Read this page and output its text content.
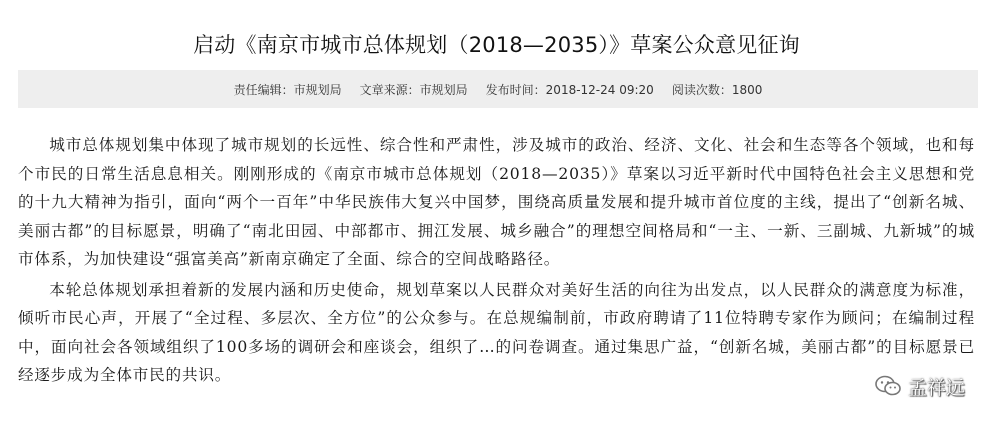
启动《南京市城市总体规划（2018—2035）》草案公众意见征询
责任编辑：市规划局 文章来源：市规划局 发布时间：2018-12-24 09:20 阅读次数：1800

城市总体规划集中体现了城市规划的长远性、综合性和严肃性，涉及城市的政治、经济、文化、社会和生态等各个领域，也和每个市民的日常生活息息相关。刚刚形成的《南京市城市总体规划（2018—2035）》草案以习近平新时代中国特色社会主义思想和党的十九大精神为指引，面向“两个一百年”中华民族伟大复兴中国梦，围绕高质量发展和提升城市首位度的主线，提出了“创新名城、美丽古都”的目标愿景，明确了“南北田园、中部都市、拥江发展、城乡融合”的理想空间格局和“一主、一新、三副城、九新城”的城市体系，为加快建设“强富美高”新南京确定了全面、综合的空间战略路径。

本轮总体规划承担着新的发展内涵和历史使命，规划草案以人民群众对美好生活的向往为出发点，以人民群众的满意度为标准，倾听市民心声，开展了“全过程、多层次、全方位”的公众参与。在总规编制前，市政府聘请了11位特聘专家作为顾问；在编制过程中，面向社会各领域组织了100多场的调研会和座谈会，组织了…的问卷调查。通过集思广益，“创新名城，美丽古都”的目标愿景已经逐步成为全体市民的共识。

孟祥远
